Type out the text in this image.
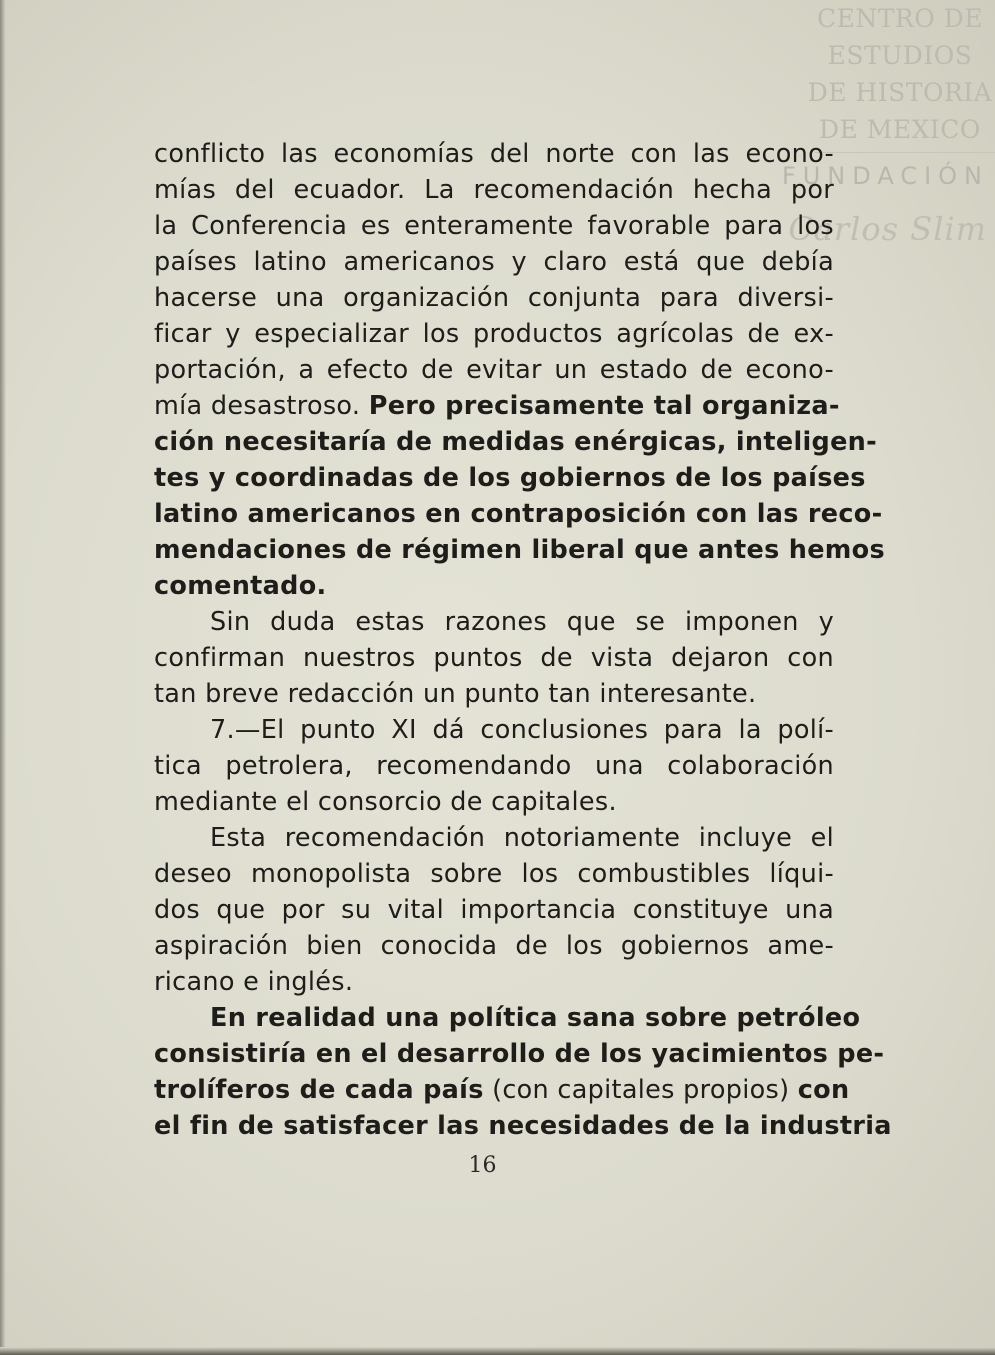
CENTRO DE
ESTUDIOS
DE HISTORIA
DE MEXICO
FUNDACIÓN
Carlos Slim
conflicto las economías del norte con las econo-
mías del ecuador. La recomendación hecha por
la Conferencia es enteramente favorable para los
países latino americanos y claro está que debía
hacerse una organización conjunta para diversi-
ficar y especializar los productos agrícolas de ex-
portación, a efecto de evitar un estado de econo-
mía desastroso. Pero precisamente tal organiza-
ción necesitaría de medidas enérgicas, inteligen-
tes y coordinadas de los gobiernos de los países
latino americanos en contraposición con las reco-
mendaciones de régimen liberal que antes hemos
comentado.
Sin duda estas razones que se imponen y
confirman nuestros puntos de vista dejaron con
tan breve redacción un punto tan interesante.
7.—El punto XI dá conclusiones para la polí-
tica petrolera, recomendando una colaboración
mediante el consorcio de capitales.
Esta recomendación notoriamente incluye el
deseo monopolista sobre los combustibles líqui-
dos que por su vital importancia constituye una
aspiración bien conocida de los gobiernos ame-
ricano e inglés.
En realidad una política sana sobre petróleo
consistiría en el desarrollo de los yacimientos pe-
trolíferos de cada país (con capitales propios) con
el fin de satisfacer las necesidades de la industria
16
